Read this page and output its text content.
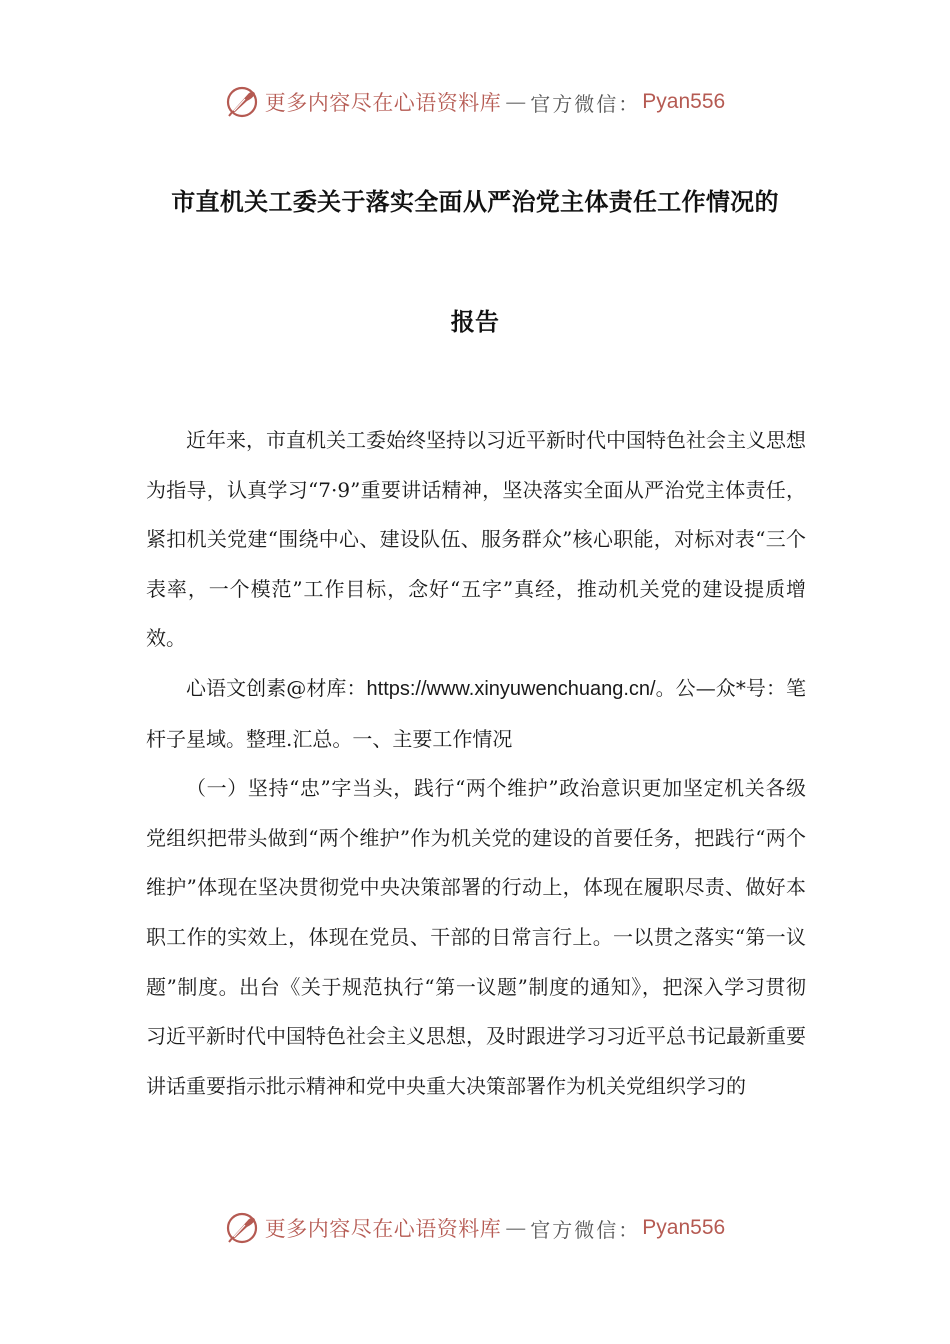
更多内容尽在心语资料库 — 官方微信： Pyan556
市直机关工委关于落实全面从严治党主体责任工作情况的
报告

近年来，市直机关工委始终坚持以习近平新时代中国特色社会主义思想为指导，认真学习“7·9”重要讲话精神，坚决落实全面从严治党主体责任，紧扣机关党建“围绕中心、建设队伍、服务群众”核心职能，对标对表“三个表率，一个模范”工作目标，念好“五字”真经，推动机关党的建设提质增效。

心语文创素@材库：https://www.xinyuwenchuang.cn/。公—众*号：笔杆子星域。整理.汇总。一、主要工作情况

（一）坚持“忠”字当头，践行“两个维护”政治意识更加坚定机关各级党组织把带头做到“两个维护”作为机关党的建设的首要任务，把践行“两个维护”体现在坚决贯彻党中央决策部署的行动上，体现在履职尽责、做好本职工作的实效上，体现在党员、干部的日常言行上。一以贯之落实“第一议题”制度。出台《关于规范执行“第一议题”制度的通知》，把深入学习贯彻习近平新时代中国特色社会主义思想，及时跟进学习习近平总书记最新重要讲话重要指示批示精神和党中央重大决策部署作为机关党组织学习的

更多内容尽在心语资料库 — 官方微信： Pyan556
